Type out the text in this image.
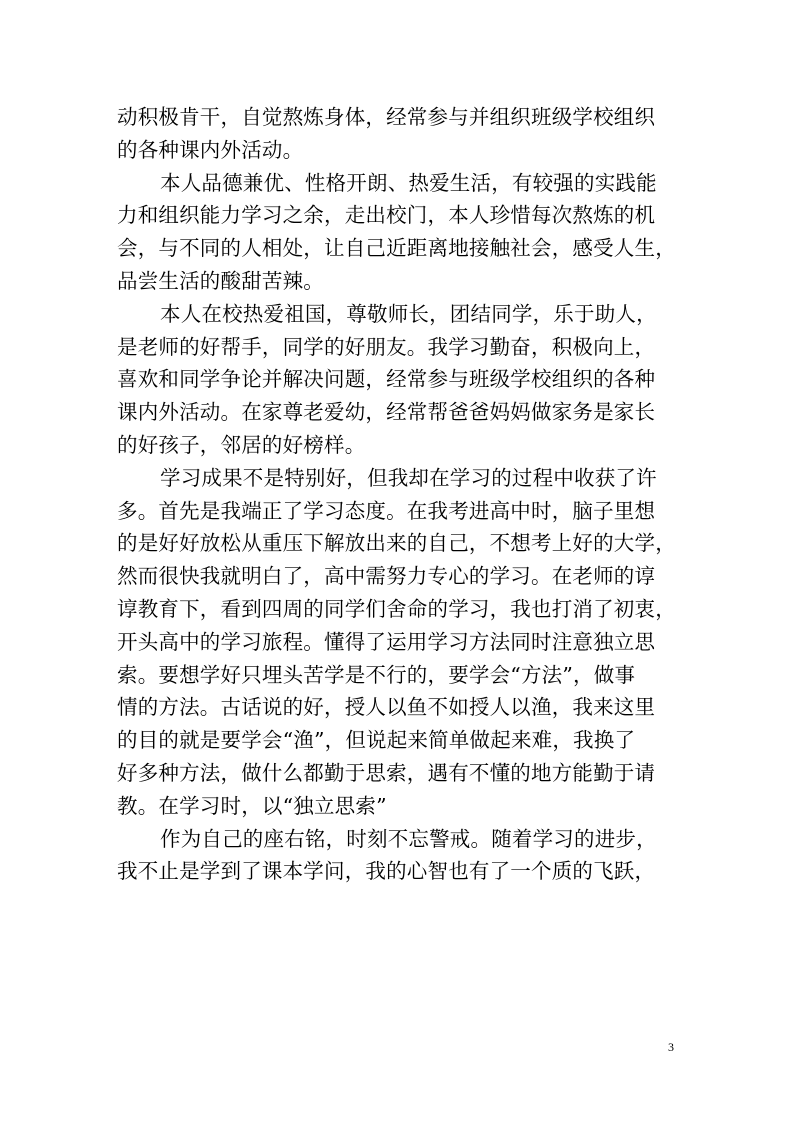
动积极肯干，自觉熬炼身体，经常参与并组织班级学校组织
的各种课内外活动。

本人品德兼优、性格开朗、热爱生活，有较强的实践能
力和组织能力学习之余，走出校门，本人珍惜每次熬炼的机
会，与不同的人相处，让自己近距离地接触社会，感受人生，
品尝生活的酸甜苦辣。

本人在校热爱祖国，尊敬师长，团结同学，乐于助人，
是老师的好帮手，同学的好朋友。我学习勤奋，积极向上，
喜欢和同学争论并解决问题，经常参与班级学校组织的各种
课内外活动。在家尊老爱幼，经常帮爸爸妈妈做家务是家长
的好孩子，邻居的好榜样。

学习成果不是特别好，但我却在学习的过程中收获了许
多。首先是我端正了学习态度。在我考进高中时，脑子里想
的是好好放松从重压下解放出来的自己，不想考上好的大学，
然而很快我就明白了，高中需努力专心的学习。在老师的谆
谆教育下，看到四周的同学们舍命的学习，我也打消了初衷，
开头高中的学习旅程。懂得了运用学习方法同时注意独立思
索。要想学好只埋头苦学是不行的，要学会“方法”，做事
情的方法。古话说的好，授人以鱼不如授人以渔，我来这里
的目的就是要学会“渔”，但说起来简单做起来难，我换了
好多种方法，做什么都勤于思索，遇有不懂的地方能勤于请
教。在学习时，以“独立思索”

作为自己的座右铭，时刻不忘警戒。随着学习的进步，
我不止是学到了课本学问，我的心智也有了一个质的飞跃，

3
